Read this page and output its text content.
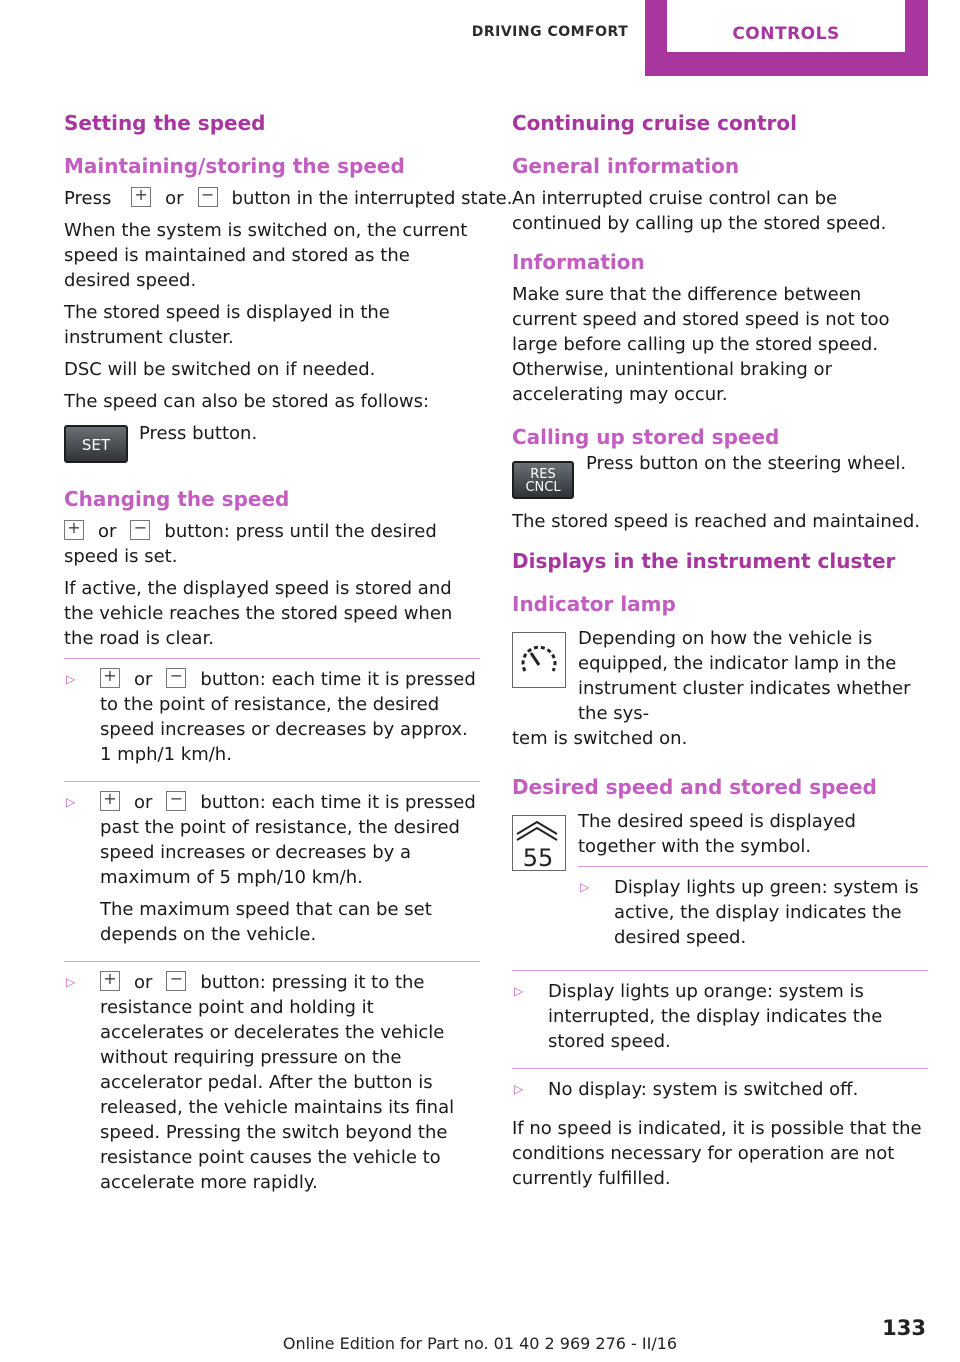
DRIVING COMFORT	CONTROLS
Setting the speed
Maintaining/storing the speed

Press + or − button in the interrupted state.

When the system is switched on, the current speed is maintained and stored as the desired speed.

The stored speed is displayed in the instrument cluster.

DSC will be switched on if needed.

The speed can also be stored as follows:

SET

Press button.

Changing the speed

+ or − button: press until the desired speed is set.

If active, the displayed speed is stored and the vehicle reaches the stored speed when the road is clear.

▷	+ or − button: each time it is pressed to the point of resistance, the desired speed increases or decreases by approx. 1 mph/1 km/h.

▷	+ or − button: each time it is pressed past the point of resistance, the desired speed increases or decreases by a maximum of 5 mph/10 km/h.

The maximum speed that can be set depends on the vehicle.

▷	+ or − button: pressing it to the resistance point and holding it accelerates or decelerates the vehicle without requiring pressure on the accelerator pedal. After the button is released, the vehicle maintains its final speed. Pressing the switch beyond the resistance point causes the vehicle to accelerate more rapidly.

Continuing cruise control
General information

An interrupted cruise control can be continued by calling up the stored speed.

Information

Make sure that the difference between current speed and stored speed is not too large before calling up the stored speed. Otherwise, unintentional braking or accelerating may occur.

Calling up stored speed
RES
CNCL

Press button on the steering wheel.

The stored speed is reached and maintained.

Displays in the instrument cluster
Indicator lamp

Depending on how the vehicle is equipped, the indicator lamp in the instrument cluster indicates whether the sys-

tem is switched on.

Desired speed and stored speed
55

The desired speed is displayed together with the symbol.

▷	Display lights up green: system is active, the display indicates the desired speed.

▷	Display lights up orange: system is interrupted, the display indicates the stored speed.

▷	No display: system is switched off.

If no speed is indicated, it is possible that the conditions necessary for operation are not currently fulfilled.

133
Online Edition for Part no. 01 40 2 969 276 - II/16
